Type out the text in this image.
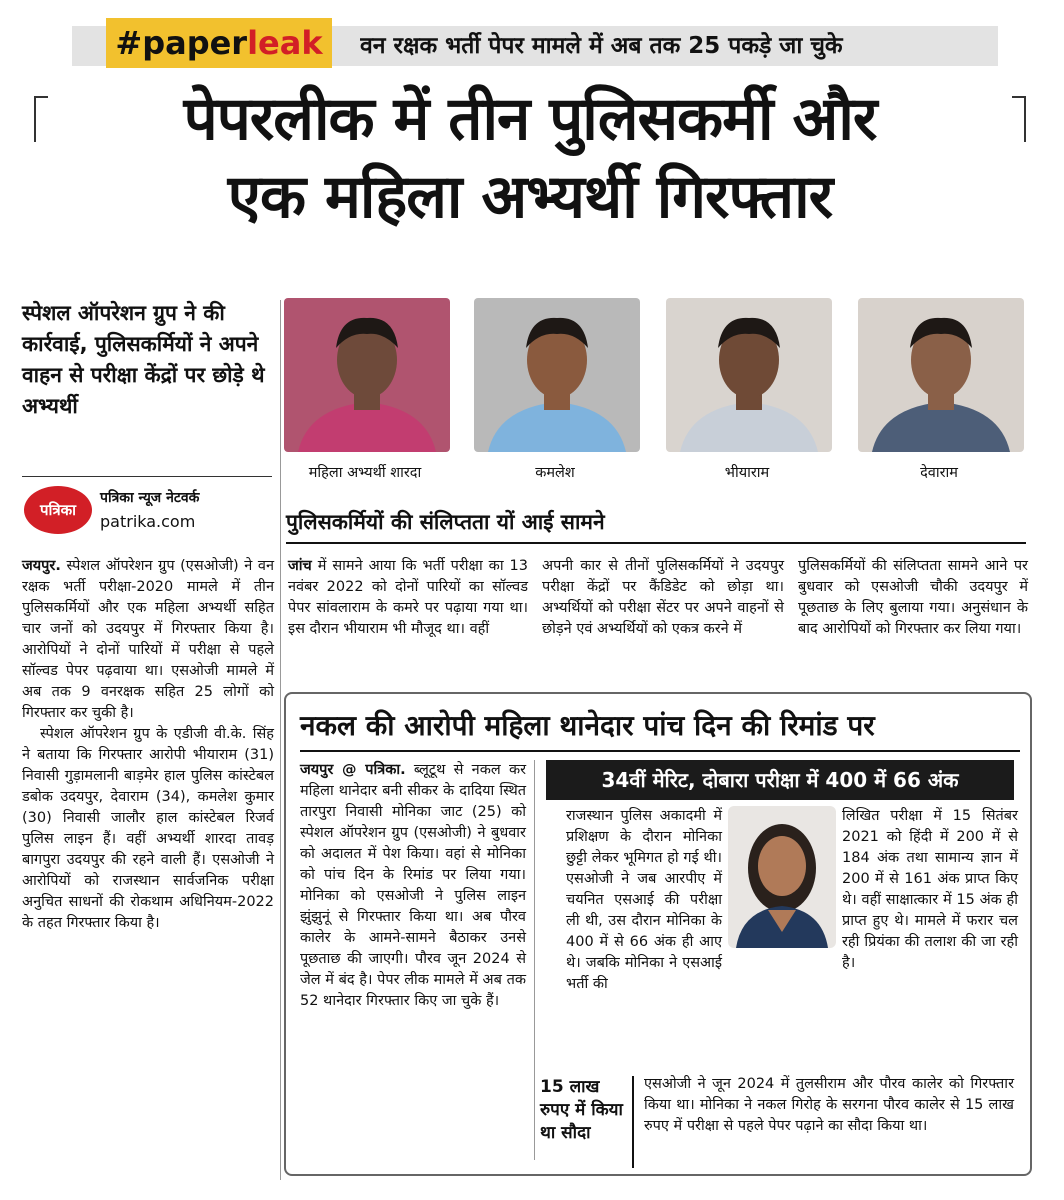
#paperleak	वन रक्षक भर्ती पेपर मामले में अब तक 25 पकड़े जा चुके
पेपरलीक में तीन पुलिसकर्मी और
एक महिला अभ्यर्थी गिरफ्तार
स्पेशल ऑपरेशन ग्रुप ने की कार्रवाई, पुलिसकर्मियों ने अपने वाहन से परीक्षा केंद्रों पर छोड़े थे अभ्यर्थी
पत्रिका
पत्रिका न्यूज नेटवर्क
patrika.com

जयपुर. स्पेशल ऑपरेशन ग्रुप (एसओजी) ने वन रक्षक भर्ती परीक्षा-2020 मामले में तीन पुलिसकर्मियों और एक महिला अभ्यर्थी सहित चार जनों को उदयपुर में गिरफ्तार किया है। आरोपियों ने दोनों पारियों में परीक्षा से पहले सॉल्वड पेपर पढ़वाया था। एसओजी मामले में अब तक 9 वनरक्षक सहित 25 लोगों को गिरफ्तार कर चुकी है।

स्पेशल ऑपरेशन ग्रुप के एडीजी वी.के. सिंह ने बताया कि गिरफ्तार आरोपी भीयाराम (31) निवासी गुड़ामलानी बाड़मेर हाल पुलिस कांस्टेबल डबोक उदयपुर, देवाराम (34), कमलेश कुमार (30) निवासी जालौर हाल कांस्टेबल रिजर्व पुलिस लाइन हैं। वहीं अभ्यर्थी शारदा तावड़ बागपुरा उदयपुर की रहने वाली हैं। एसओजी ने आरोपियों को राजस्थान सार्वजनिक परीक्षा अनुचित साधनों की रोकथाम अधिनियम-2022 के तहत गिरफ्तार किया है।

महिला अभ्यर्थी शारदा	कमलेश	भीयाराम	देवाराम
पुलिसकर्मियों की संलिप्तता यों आई सामने
जांच में सामने आया कि भर्ती परीक्षा का 13 नवंबर 2022 को दोनों पारियों का सॉल्वड पेपर सांवलाराम के कमरे पर पढ़ाया गया था। इस दौरान भीयाराम भी मौजूद था। वहीं
अपनी कार से तीनों पुलिसकर्मियों ने उदयपुर परीक्षा केंद्रों पर कैंडिडेट को छोड़ा था। अभ्यर्थियों को परीक्षा सेंटर पर अपने वाहनों से छोड़ने एवं अभ्यर्थियों को एकत्र करने में
पुलिसकर्मियों की संलिप्तता सामने आने पर बुधवार को एसओजी चौकी उदयपुर में पूछताछ के लिए बुलाया गया। अनुसंधान के बाद आरोपियों को गिरफ्तार कर लिया गया।
नकल की आरोपी महिला थानेदार पांच दिन की रिमांड पर
जयपुर @ पत्रिका. ब्लूटूथ से नकल कर महिला थानेदार बनी सीकर के दादिया स्थित तारपुरा निवासी मोनिका जाट (25) को स्पेशल ऑपरेशन ग्रुप (एसओजी) ने बुधवार को अदालत में पेश किया। वहां से मोनिका को पांच दिन के रिमांड पर लिया गया। मोनिका को एसओजी ने पुलिस लाइन झुंझुनूं से गिरफ्तार किया था। अब पौरव कालेर के आमने-सामने बैठाकर उनसे पूछताछ की जाएगी। पौरव जून 2024 से जेल में बंद है। पेपर लीक मामले में अब तक 52 थानेदार गिरफ्तार किए जा चुके हैं।
34वीं मेरिट, दोबारा परीक्षा में 400 में 66 अंक
राजस्थान पुलिस अकादमी में प्रशिक्षण के दौरान मोनिका छुट्टी लेकर भूमिगत हो गई थी। एसओजी ने जब आरपीए में चयनित एसआई की परीक्षा ली थी, उस दौरान मोनिका के 400 में से 66 अंक ही आए थे। जबकि मोनिका ने एसआई भर्ती की
लिखित परीक्षा में 15 सितंबर 2021 को हिंदी में 200 में से 184 अंक तथा सामान्य ज्ञान में 200 में से 161 अंक प्राप्त किए थे। वहीं साक्षात्कार में 15 अंक ही प्राप्त हुए थे। मामले में फरार चल रही प्रियंका की तलाश की जा रही है।
15 लाख रुपए में किया था सौदा
एसओजी ने जून 2024 में तुलसीराम और पौरव कालेर को गिरफ्तार किया था। मोनिका ने नकल गिरोह के सरगना पौरव कालेर से 15 लाख रुपए में परीक्षा से पहले पेपर पढ़ाने का सौदा किया था।
